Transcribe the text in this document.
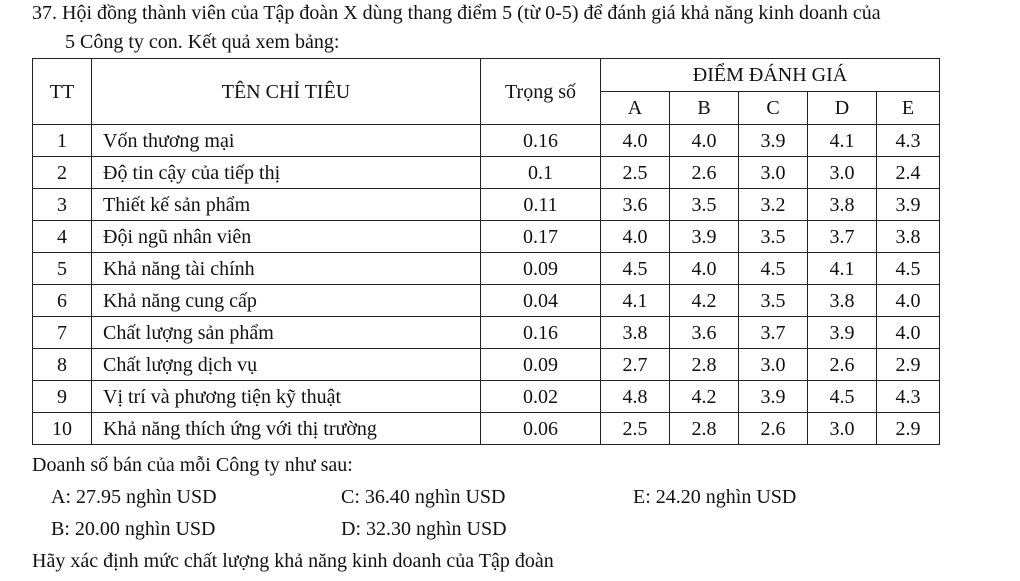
37. Hội đồng thành viên của Tập đoàn X dùng thang điểm 5 (từ 0-5) để đánh giá khả năng kinh doanh của
5 Công ty con. Kết quả xem bảng:
TT	TÊN CHỈ TIÊU	Trọng số	ĐIỂM ĐÁNH GIÁ				
			A	B	C	D	E
1	Vốn thương mại	0.16	4.0	4.0	3.9	4.1	4.3
2	Độ tin cậy của tiếp thị	0.1	2.5	2.6	3.0	3.0	2.4
3	Thiết kế sản phẩm	0.11	3.6	3.5	3.2	3.8	3.9
4	Đội ngũ nhân viên	0.17	4.0	3.9	3.5	3.7	3.8
5	Khả năng tài chính	0.09	4.5	4.0	4.5	4.1	4.5
6	Khả năng cung cấp	0.04	4.1	4.2	3.5	3.8	4.0
7	Chất lượng sản phẩm	0.16	3.8	3.6	3.7	3.9	4.0
8	Chất lượng dịch vụ	0.09	2.7	2.8	3.0	2.6	2.9
9	Vị trí và phương tiện kỹ thuật	0.02	4.8	4.2	3.9	4.5	4.3
10	Khả năng thích ứng với thị trường	0.06	2.5	2.8	2.6	3.0	2.9
Doanh số bán của mỗi Công ty như sau:
A: 27.95 nghìn USD	C: 36.40 nghìn USD	E: 24.20 nghìn USD
B: 20.00 nghìn USD	D: 32.30 nghìn USD
Hãy xác định mức chất lượng khả năng kinh doanh của Tập đoàn
